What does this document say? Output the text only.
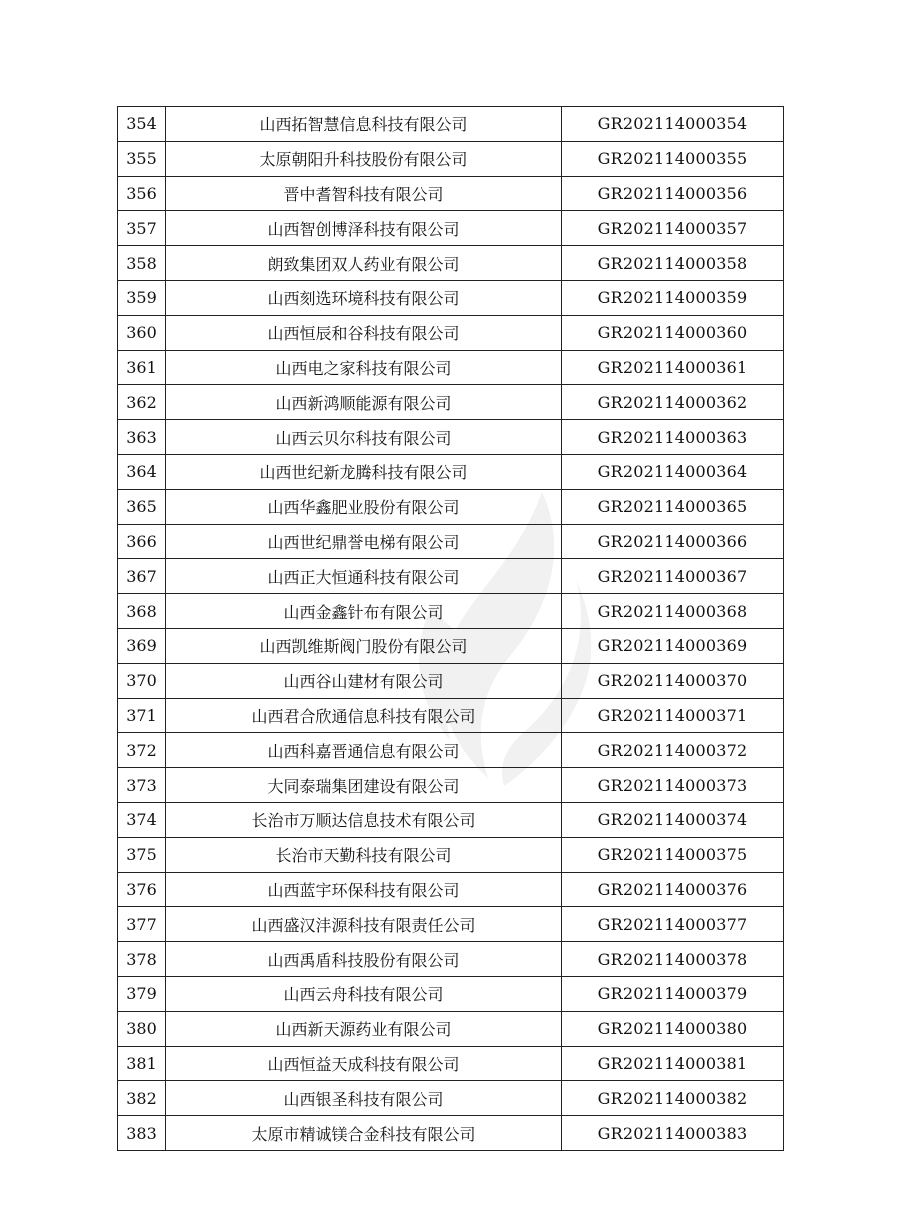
354	山西拓智慧信息科技有限公司	GR202114000354
355	太原朝阳升科技股份有限公司	GR202114000355
356	晋中耆智科技有限公司	GR202114000356
357	山西智创博泽科技有限公司	GR202114000357
358	朗致集团双人药业有限公司	GR202114000358
359	山西刻选环境科技有限公司	GR202114000359
360	山西恒辰和谷科技有限公司	GR202114000360
361	山西电之家科技有限公司	GR202114000361
362	山西新鸿顺能源有限公司	GR202114000362
363	山西云贝尔科技有限公司	GR202114000363
364	山西世纪新龙腾科技有限公司	GR202114000364
365	山西华鑫肥业股份有限公司	GR202114000365
366	山西世纪鼎誉电梯有限公司	GR202114000366
367	山西正大恒通科技有限公司	GR202114000367
368	山西金鑫针布有限公司	GR202114000368
369	山西凯维斯阀门股份有限公司	GR202114000369
370	山西谷山建材有限公司	GR202114000370
371	山西君合欣通信息科技有限公司	GR202114000371
372	山西科嘉晋通信息有限公司	GR202114000372
373	大同泰瑞集团建设有限公司	GR202114000373
374	长治市万顺达信息技术有限公司	GR202114000374
375	长治市天勤科技有限公司	GR202114000375
376	山西蓝宇环保科技有限公司	GR202114000376
377	山西盛汉沣源科技有限责任公司	GR202114000377
378	山西禹盾科技股份有限公司	GR202114000378
379	山西云舟科技有限公司	GR202114000379
380	山西新天源药业有限公司	GR202114000380
381	山西恒益天成科技有限公司	GR202114000381
382	山西银圣科技有限公司	GR202114000382
383	太原市精诚镁合金科技有限公司	GR202114000383
